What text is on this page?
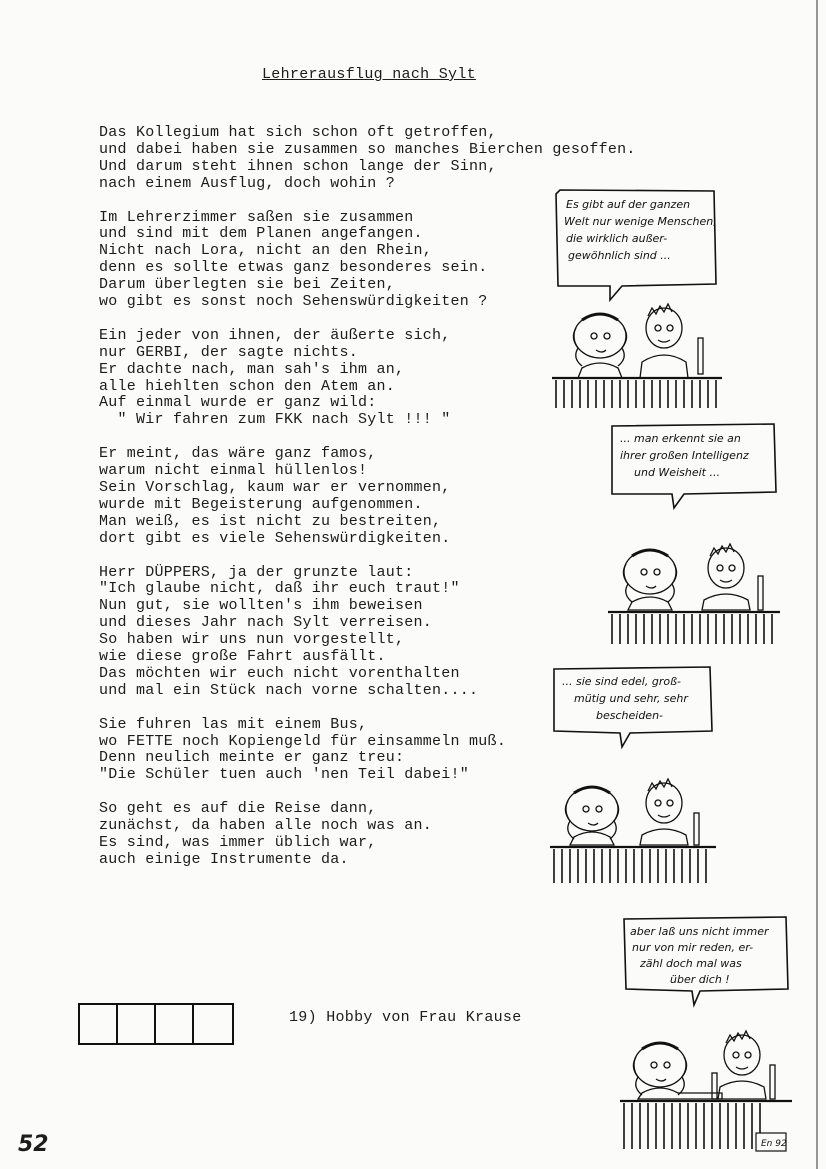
Lehrerausflug nach Sylt
Das Kollegium hat sich schon oft getroffen,
und dabei haben sie zusammen so manches Bierchen gesoffen.
Und darum steht ihnen schon lange der Sinn,
nach einem Ausflug, doch wohin ?
Im Lehrerzimmer saßen sie zusammen
und sind mit dem Planen angefangen.
Nicht nach Lora, nicht an den Rhein,
denn es sollte etwas ganz besonderes sein.
Darum überlegten sie bei Zeiten,
wo gibt es sonst noch Sehenswürdigkeiten ?
Ein jeder von ihnen, der äußerte sich,
nur GERBI, der sagte nichts.
Er dachte nach, man sah's ihm an,
alle hiehlten schon den Atem an.
Auf einmal wurde er ganz wild:
" Wir fahren zum FKK nach Sylt !!! "
Er meint, das wäre ganz famos,
warum nicht einmal hüllenlos!
Sein Vorschlag, kaum war er vernommen,
wurde mit Begeisterung aufgenommen.
Man weiß, es ist nicht zu bestreiten,
dort gibt es viele Sehenswürdigkeiten.
Herr DÜPPERS, ja der grunzte laut:
"Ich glaube nicht, daß ihr euch traut!"
Nun gut, sie wollten's ihm beweisen
und dieses Jahr nach Sylt verreisen.
So haben wir uns nun vorgestellt,
wie diese große Fahrt ausfällt.
Das möchten wir euch nicht vorenthalten
und mal ein Stück nach vorne schalten....
Sie fuhren las mit einem Bus,
wo FETTE noch Kopiengeld für einsammeln muß.
Denn neulich meinte er ganz treu:
"Die Schüler tuen auch 'nen Teil dabei!"
So geht es auf die Reise dann,
zunächst, da haben alle noch was an.
Es sind, was immer üblich war,
auch einige Instrumente da.
Es gibt auf der ganzen Welt nur wenige Menschen, die wirklich außer- gewöhnlich sind ...
... man erkennt sie an ihrer großen Intelligenz und Weisheit ...
... sie sind edel, groß- mütig und sehr, sehr bescheiden-
aber laß uns nicht immer nur von mir reden, er- zähl doch mal was über dich !
En 92
19) Hobby von Frau Krause
52
